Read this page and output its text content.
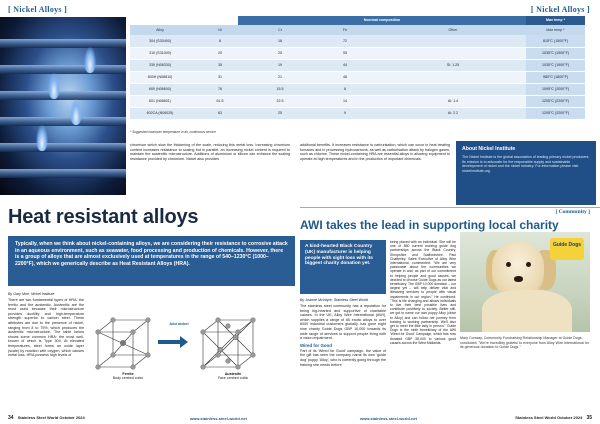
[ Nickel Alloys ]	[ Nickel Alloys ]
Nominal composition	Max temp *
Alloy	Ni	Cr	Fe	Other	Max temp *
304 (S30400)	8	18	72		815°C (1500°F)
310 (S31000)	20	25	55		1035°C (1900°F)
330 (N08330)	35	19	44	Si: 1.25	1035°C (1900°F)
800H (N08810)	31	21	46		980°C (1800°F)
600 (N06600)	76	15.5	8		1095°C (2000°F)
601 (N06601)	61.5	22.5	14	Al: 1.4	1205°C (2200°F)
602CA (N06025)	63	25	9	Al: 2.2	1205°C (2200°F)
* Suggested maximum temperature in air, continuous service
chromium which slow the thickening of the scale, reducing this metal loss. Increasing chromium content increases resistance to scaling but in parallel, an increasing nickel content is required to maintain the austenitic microstructure. Additions of aluminium or silicon can enhance the scaling resistance provided by chromium. Nickel also provides
additional benefits. It increases resistance to carburisation, which can occur in heat treating furnaces and in processing hydrocarbons, as well as carburisation attack by halogen gases, such as chlorine. These nickel-containing HRA are essential alloys in allowing equipment to operate at high temperatures and in the production of important chemicals.
About Nickel Institute

The Nickel Institute is the global association of leading primary nickel producers. Its mission is to advocate for the responsible supply and sustainable development of nickel and the nickel industry. For information please visit nickelinstitute.org.

Heat resistant alloys
Typically, when we think about nickel-containing alloys, we are considering their resistance to corrosive attack in an aqueous environment, such as seawater, food processing and production of chemicals. However, there is a group of alloys that are almost exclusively used at temperatures in the range of 540–1230°C (1000–2200°F), which we generically describe as Heat Resistant Alloys (HRA).
By Gary Moe, Nickel Institute
There are two fundamental types of HRA: the ferritic and the austenitic. Austenitic are the most used because their microstructure provides ductility and high-temperature strength superior to carbon steel. These attributes are due to the presence of nickel, ranging from 8 to 75%, which produces the austenitic microstructure. The table below shows some common HRA: the most well-known of which is Type 304. At elevated temperatures, steel forms an oxide layer (scale) by reaction with oxygen, which causes metal loss. HRA possess high levels of
Add nickel
Ferrite
Body centred cubic
Austenite
Face centred cubic
34 Stainless Steel World October 2024	www.stainless-steel-world.net
[ Community ]
AWI takes the lead in supporting local charity
A kind-hearted Black Country (UK) manufacturer is helping people with sight loss with its biggest charity donation yet.
By Joanne McIntyre, Stainless Steel World
The stainless steel community has a reputation for being big-hearted and supportive of charitable causes. In the UK, Alloy Wire International (AWI), which supplies a range of 65 exotic alloys to over 6000 industrial customers globally, has gone eight nine charity Guide Dogs GBP 10,000 towards its wide range of services to support people living with a vision impairment.
Wired for Good
Part of its 'Wired for Good' campaign, the value of the gift has seen the company name its own 'guide dog' puppy 'Alloy', who is currently going through the training she needs before
being placed with an individual. She will be one of 850 current working guide dog partnerships across the Black Country, Shropshire and Staffordshire. Paul Chatterley, Sales Executive of Alloy Wire International, commented: "We are very passionate about the communities we operate in and, as part of our commitment to helping people and good causes, we decided to choose Guide Dogs as our latest beneficiary. The GBP 10,000 donation – our largest yet – will help deliver vital and lifesaving services to people with visual impairments in our region." He continued: "This is life changing and allows individuals to live their best possible lives and contribute positively to society. Better still, we got to name our own puppy Alloy (close to Alloy) and can follow her journey from training to working partnership. We'll also get to meet the little lady in person." Guide Dogs is the ninth beneficiary of the AWI 'Wired for Good' Campaign, which has now donated GBP 55,000 to various good causes across the West Midlands.
Guide Dogs
Mary Conway, Community Fundraising Relationship Manager at Guide Dogs, concluded: "We're incredibly grateful to everyone from Alloy Wire International for its generous donation to Guide Dogs."
www.stainless-steel-world.net	Stainless Steel World October 2024 35
